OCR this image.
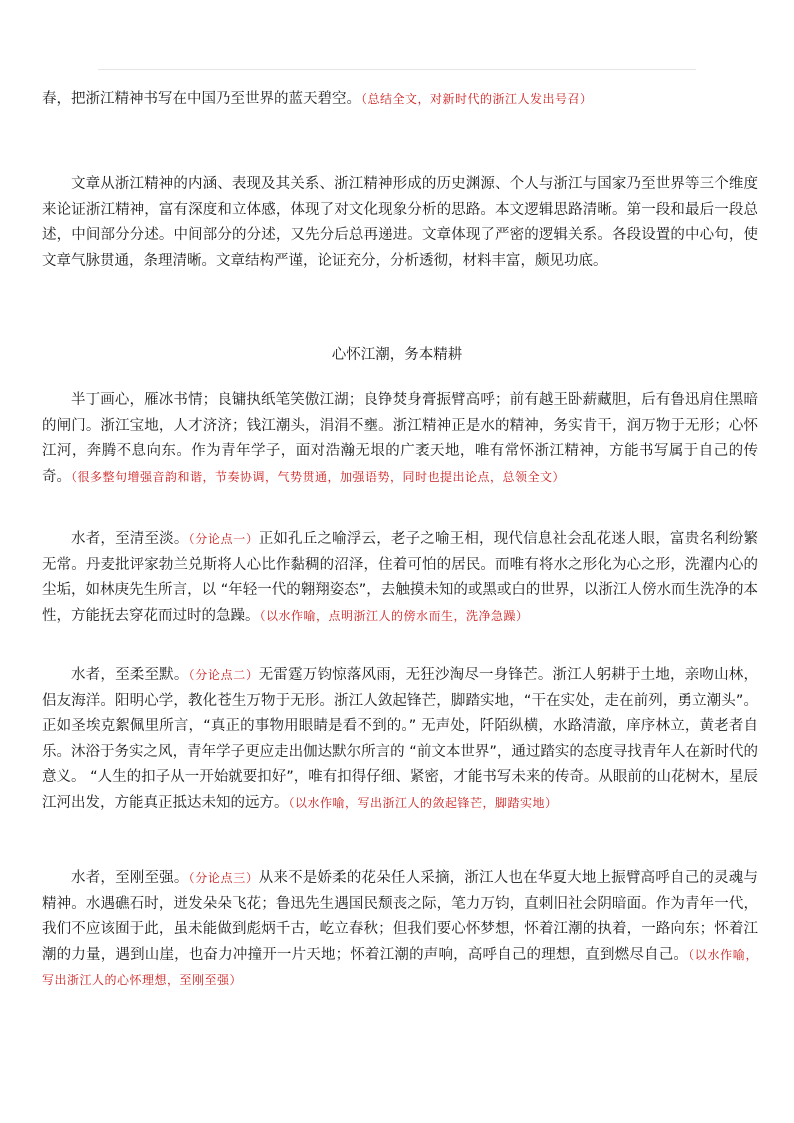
春，把浙江精神书写在中国乃至世界的蓝天碧空。（总结全文，对新时代的浙江人发出号召）

文章从浙江精神的内涵、表现及其关系、浙江精神形成的历史渊源、个人与浙江与国家乃至世界等三个维度来论证浙江精神，富有深度和立体感，体现了对文化现象分析的思路。本文逻辑思路清晰。第一段和最后一段总述，中间部分分述。中间部分的分述，又先分后总再递进。文章体现了严密的逻辑关系。各段设置的中心句，使文章气脉贯通，条理清晰。文章结构严谨，论证充分，分析透彻，材料丰富，颇见功底。

心怀江潮，务本精耕

半丁画心，雁冰书情；良镛执纸笔笑傲江湖；良铮焚身膏振臂高呼；前有越王卧薪藏胆，后有鲁迅肩住黑暗的闸门。浙江宝地，人才济济；钱江潮头，涓涓不壅。浙江精神正是水的精神，务实肯干，润万物于无形；心怀江河，奔腾不息向东。作为青年学子，面对浩瀚无垠的广袤天地，唯有常怀浙江精神，方能书写属于自己的传奇。（很多整句增强音韵和谐，节奏协调，气势贯通，加强语势，同时也提出论点，总领全文）

水者，至清至淡。（分论点一）正如孔丘之喻浮云，老子之喻王相，现代信息社会乱花迷人眼，富贵名利纷繁无常。丹麦批评家勃兰兑斯将人心比作黏稠的沼泽，住着可怕的居民。而唯有将水之形化为心之形，洗濯内心的尘垢，如林庚先生所言，以 “年轻一代的翱翔姿态”，去触摸未知的或黑或白的世界，以浙江人傍水而生洗净的本性，方能抚去穿花而过时的急躁。（以水作喻，点明浙江人的傍水而生，洗净急躁）

水者，至柔至默。（分论点二）无雷霆万钧惊落风雨，无狂沙淘尽一身锋芒。浙江人躬耕于土地，亲吻山林，侣友海洋。阳明心学，教化苍生万物于无形。浙江人敛起锋芒，脚踏实地，“干在实处，走在前列，勇立潮头”。正如圣埃克絮佩里所言，“真正的事物用眼睛是看不到的。” 无声处，阡陌纵横，水路清澈，庠序林立，黄老者自乐。沐浴于务实之风，青年学子更应走出伽达默尔所言的 “前文本世界”，通过踏实的态度寻找青年人在新时代的意义。 “人生的扣子从一开始就要扣好”，唯有扣得仔细、紧密，才能书写未来的传奇。从眼前的山花树木，星辰江河出发，方能真正抵达未知的远方。（以水作喻，写出浙江人的敛起锋芒，脚踏实地）

水者，至刚至强。（分论点三）从来不是娇柔的花朵任人采摘，浙江人也在华夏大地上振臂高呼自己的灵魂与精神。水遇礁石时，迸发朵朵飞花；鲁迅先生遇国民颓丧之际，笔力万钧，直刺旧社会阴暗面。作为青年一代，我们不应该囿于此，虽未能做到彪炳千古，屹立春秋；但我们要心怀梦想，怀着江潮的执着，一路向东；怀着江潮的力量，遇到山崖，也奋力冲撞开一片天地；怀着江潮的声响，高呼自己的理想，直到燃尽自己。（以水作喻，写出浙江人的心怀理想，至刚至强）
